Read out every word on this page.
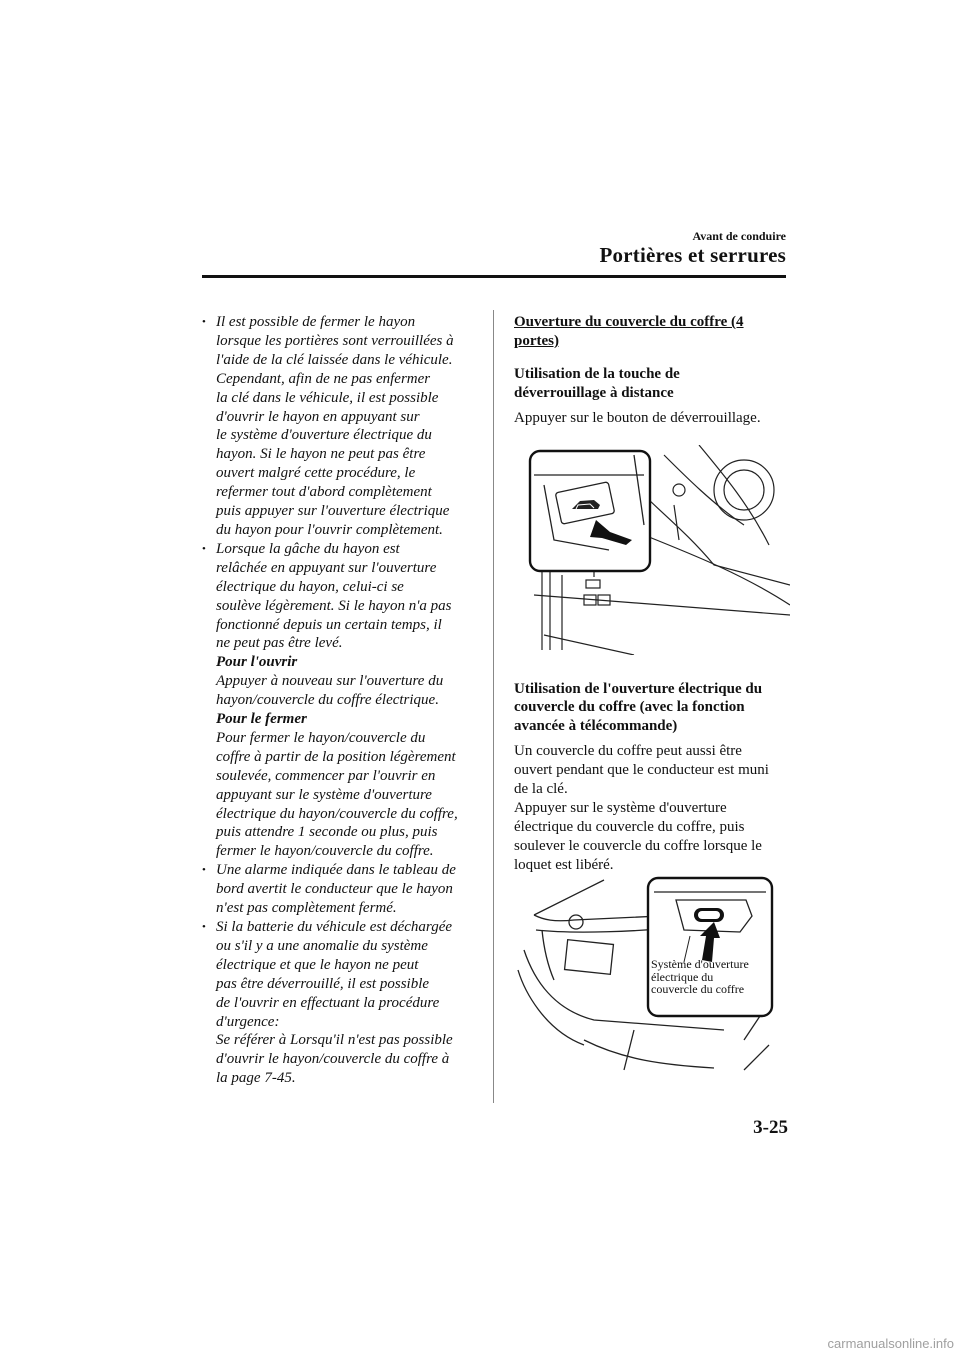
Avant de conduire
Portières et serrures
• Il est possible de fermer le hayon
lorsque les portières sont verrouillées à
l'aide de la clé laissée dans le véhicule.
Cependant, afin de ne pas enfermer
la clé dans le véhicule, il est possible
d'ouvrir le hayon en appuyant sur
le système d'ouverture électrique du
hayon. Si le hayon ne peut pas être
ouvert malgré cette procédure, le
refermer tout d'abord complètement
puis appuyer sur l'ouverture électrique
du hayon pour l'ouvrir complètement.
• Lorsque la gâche du hayon est
relâchée en appuyant sur l'ouverture
électrique du hayon, celui-ci se
soulève légèrement. Si le hayon n'a pas
fonctionné depuis un certain temps, il
ne peut pas être levé.
Pour l'ouvrir
Appuyer à nouveau sur l'ouverture du
hayon/couvercle du coffre électrique.
Pour le fermer
Pour fermer le hayon/couvercle du
coffre à partir de la position légèrement
soulevée, commencer par l'ouvrir en
appuyant sur le système d'ouverture
électrique du hayon/couvercle du coffre,
puis attendre 1 seconde ou plus, puis
fermer le hayon/couvercle du coffre.
• Une alarme indiquée dans le tableau de
bord avertit le conducteur que le hayon
n'est pas complètement fermé.
• Si la batterie du véhicule est déchargée
ou s'il y a une anomalie du système
électrique et que le hayon ne peut
pas être déverrouillé, il est possible
de l'ouvrir en effectuant la procédure
d'urgence:
Se référer à Lorsqu'il n'est pas possible
d'ouvrir le hayon/couvercle du coffre à
la page 7-45.
Ouverture du couvercle du coffre (4
portes)
Utilisation de la touche de
déverrouillage à distance
Appuyer sur le bouton de déverrouillage.
Utilisation de l'ouverture électrique du
couvercle du coffre (avec la fonction
avancée à télécommande)
Un couvercle du coffre peut aussi être
ouvert pendant que le conducteur est muni
de la clé.
Appuyer sur le système d'ouverture
électrique du couvercle du coffre, puis
soulever le couvercle du coffre lorsque le
loquet est libéré.
Système d'ouverture
électrique du
couvercle du coffre
3-25
carmanualsonline.info
